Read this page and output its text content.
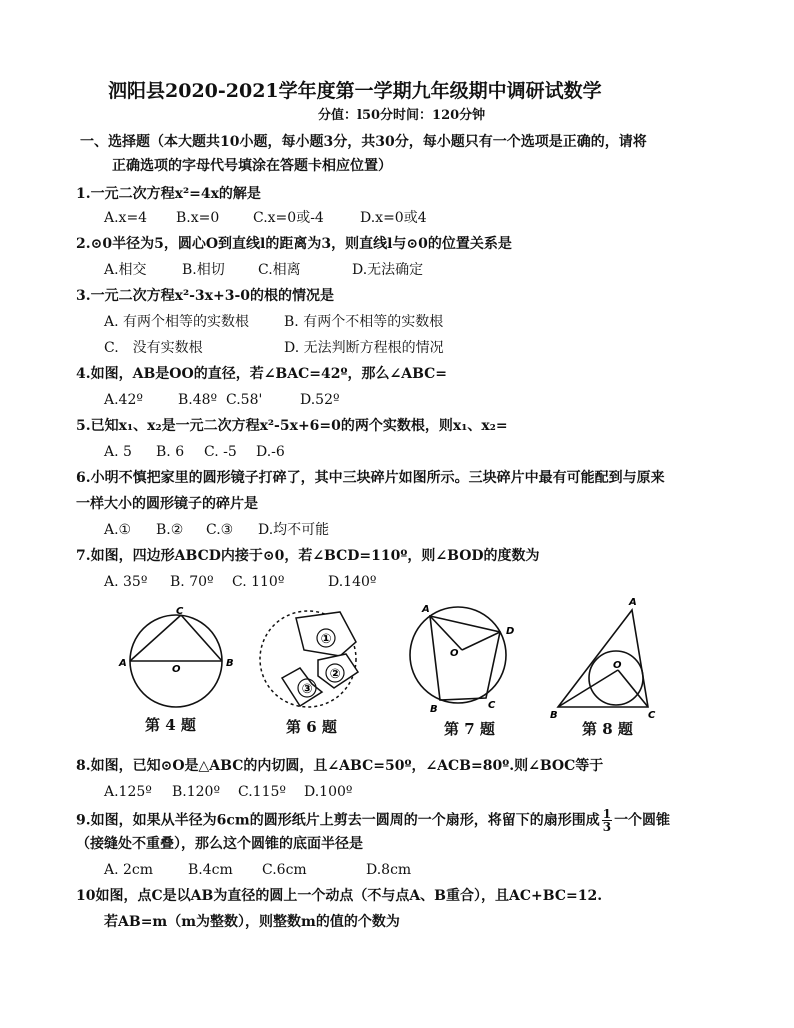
泗阳县2020-2021学年度第一学期九年级期中调研试数学
分值：l50分时间：120分钟
一、选择题（本大题共10小题，每小题3分，共30分，每小题只有一个选项是正确的，请将
正确选项的字母代号填涂在答题卡相应位置）
1.一元二次方程x²=4x的解是
A.x=4 B.x=0 C.x=0或-4	D.x=0或4
2.⊙0半径为5，圆心O到直线l的距离为3，则直线l与⊙0的位置关系是
A.相交	B.相切 C.相离	D.无法确定
3.一元二次方程x²-3x+3-0的根的情况是
A. 有两个相等的实数根 B. 有两个不相等的实数根
C.　没有实数根	D. 无法判断方程根的情况
4.如图，AB是OO的直径，若∠BAC=42º，那么∠ABC=
A.42º	B.48º C.58'	D.52º
5.已知x₁、x₂是一元二次方程x²-5x+6=0的两个实数根，则x₁、x₂=
A. 5 B. 6 C. -5 D.-6
6.小明不慎把家里的圆形镜子打碎了，其中三块碎片如图所示。三块碎片中最有可能配到与原来
一样大小的圆形镜子的碎片是
A.① B.② C.③ D.均不可能
7.如图，四边形ABCD内接于⊙0，若∠BCD=110º，则∠BOD的度数为
A. 35º B. 70º C. 110º	D.140º
C
A
O
B
①
②
③
A
D
O
B	C
A
O
B	C
第 4 题	第 6 题	第 7 题	第 8 题
8.如图，已知⊙O是△ABC的内切圆，且∠ABC=50º，∠ACB=80º.则∠BOC等于
A.125º B.120º C.115º D.100º
9.如图，如果从半径为6cm的圆形纸片上剪去一圆周的一个扇形，将留下的扇形围成 $\frac{1}{3}$ 一个圆锥
（接缝处不重叠），那么这个圆锥的底面半径是
A. 2cm B.4cm C.6cm	D.8cm
10如图，点C是以AB为直径的圆上一个动点（不与点A、B重合），且AC+BC=12.
若AB=m（m为整数），则整数m的值的个数为
